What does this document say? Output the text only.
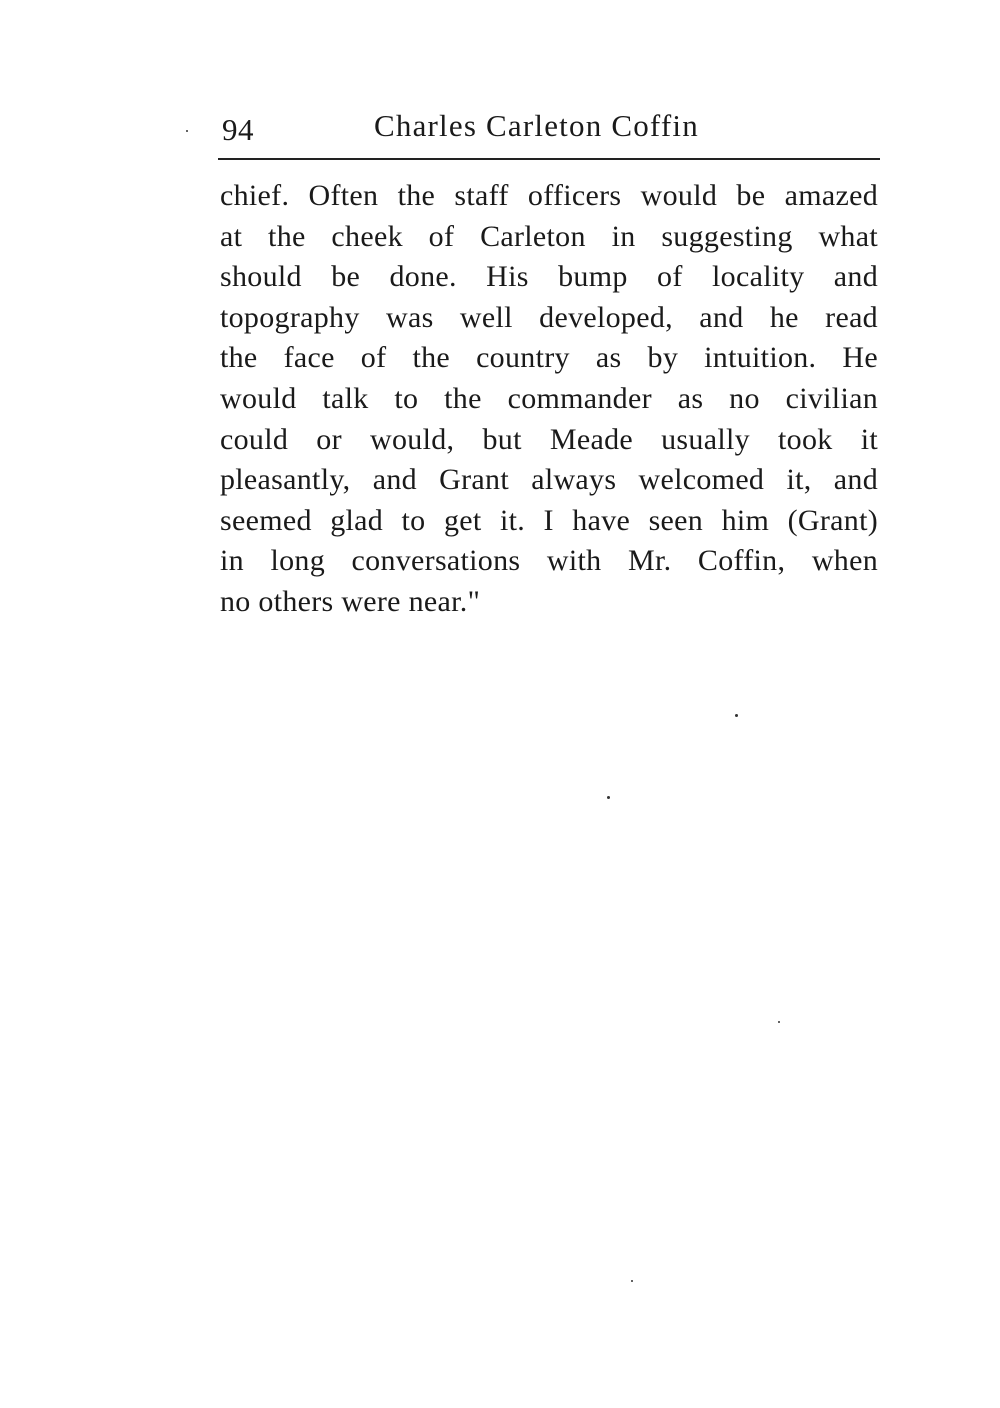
94	Charles Carleton Coffin

chief. Often the staff officers would be amazed
at the cheek of Carleton in suggesting what
should be done. His bump of locality and
topography was well developed, and he read
the face of the country as by intuition. He
would talk to the commander as no civilian
could or would, but Meade usually took it
pleasantly, and Grant always welcomed it, and
seemed glad to get it. I have seen him (Grant)
in long conversations with Mr. Coffin, when
no others were near."
